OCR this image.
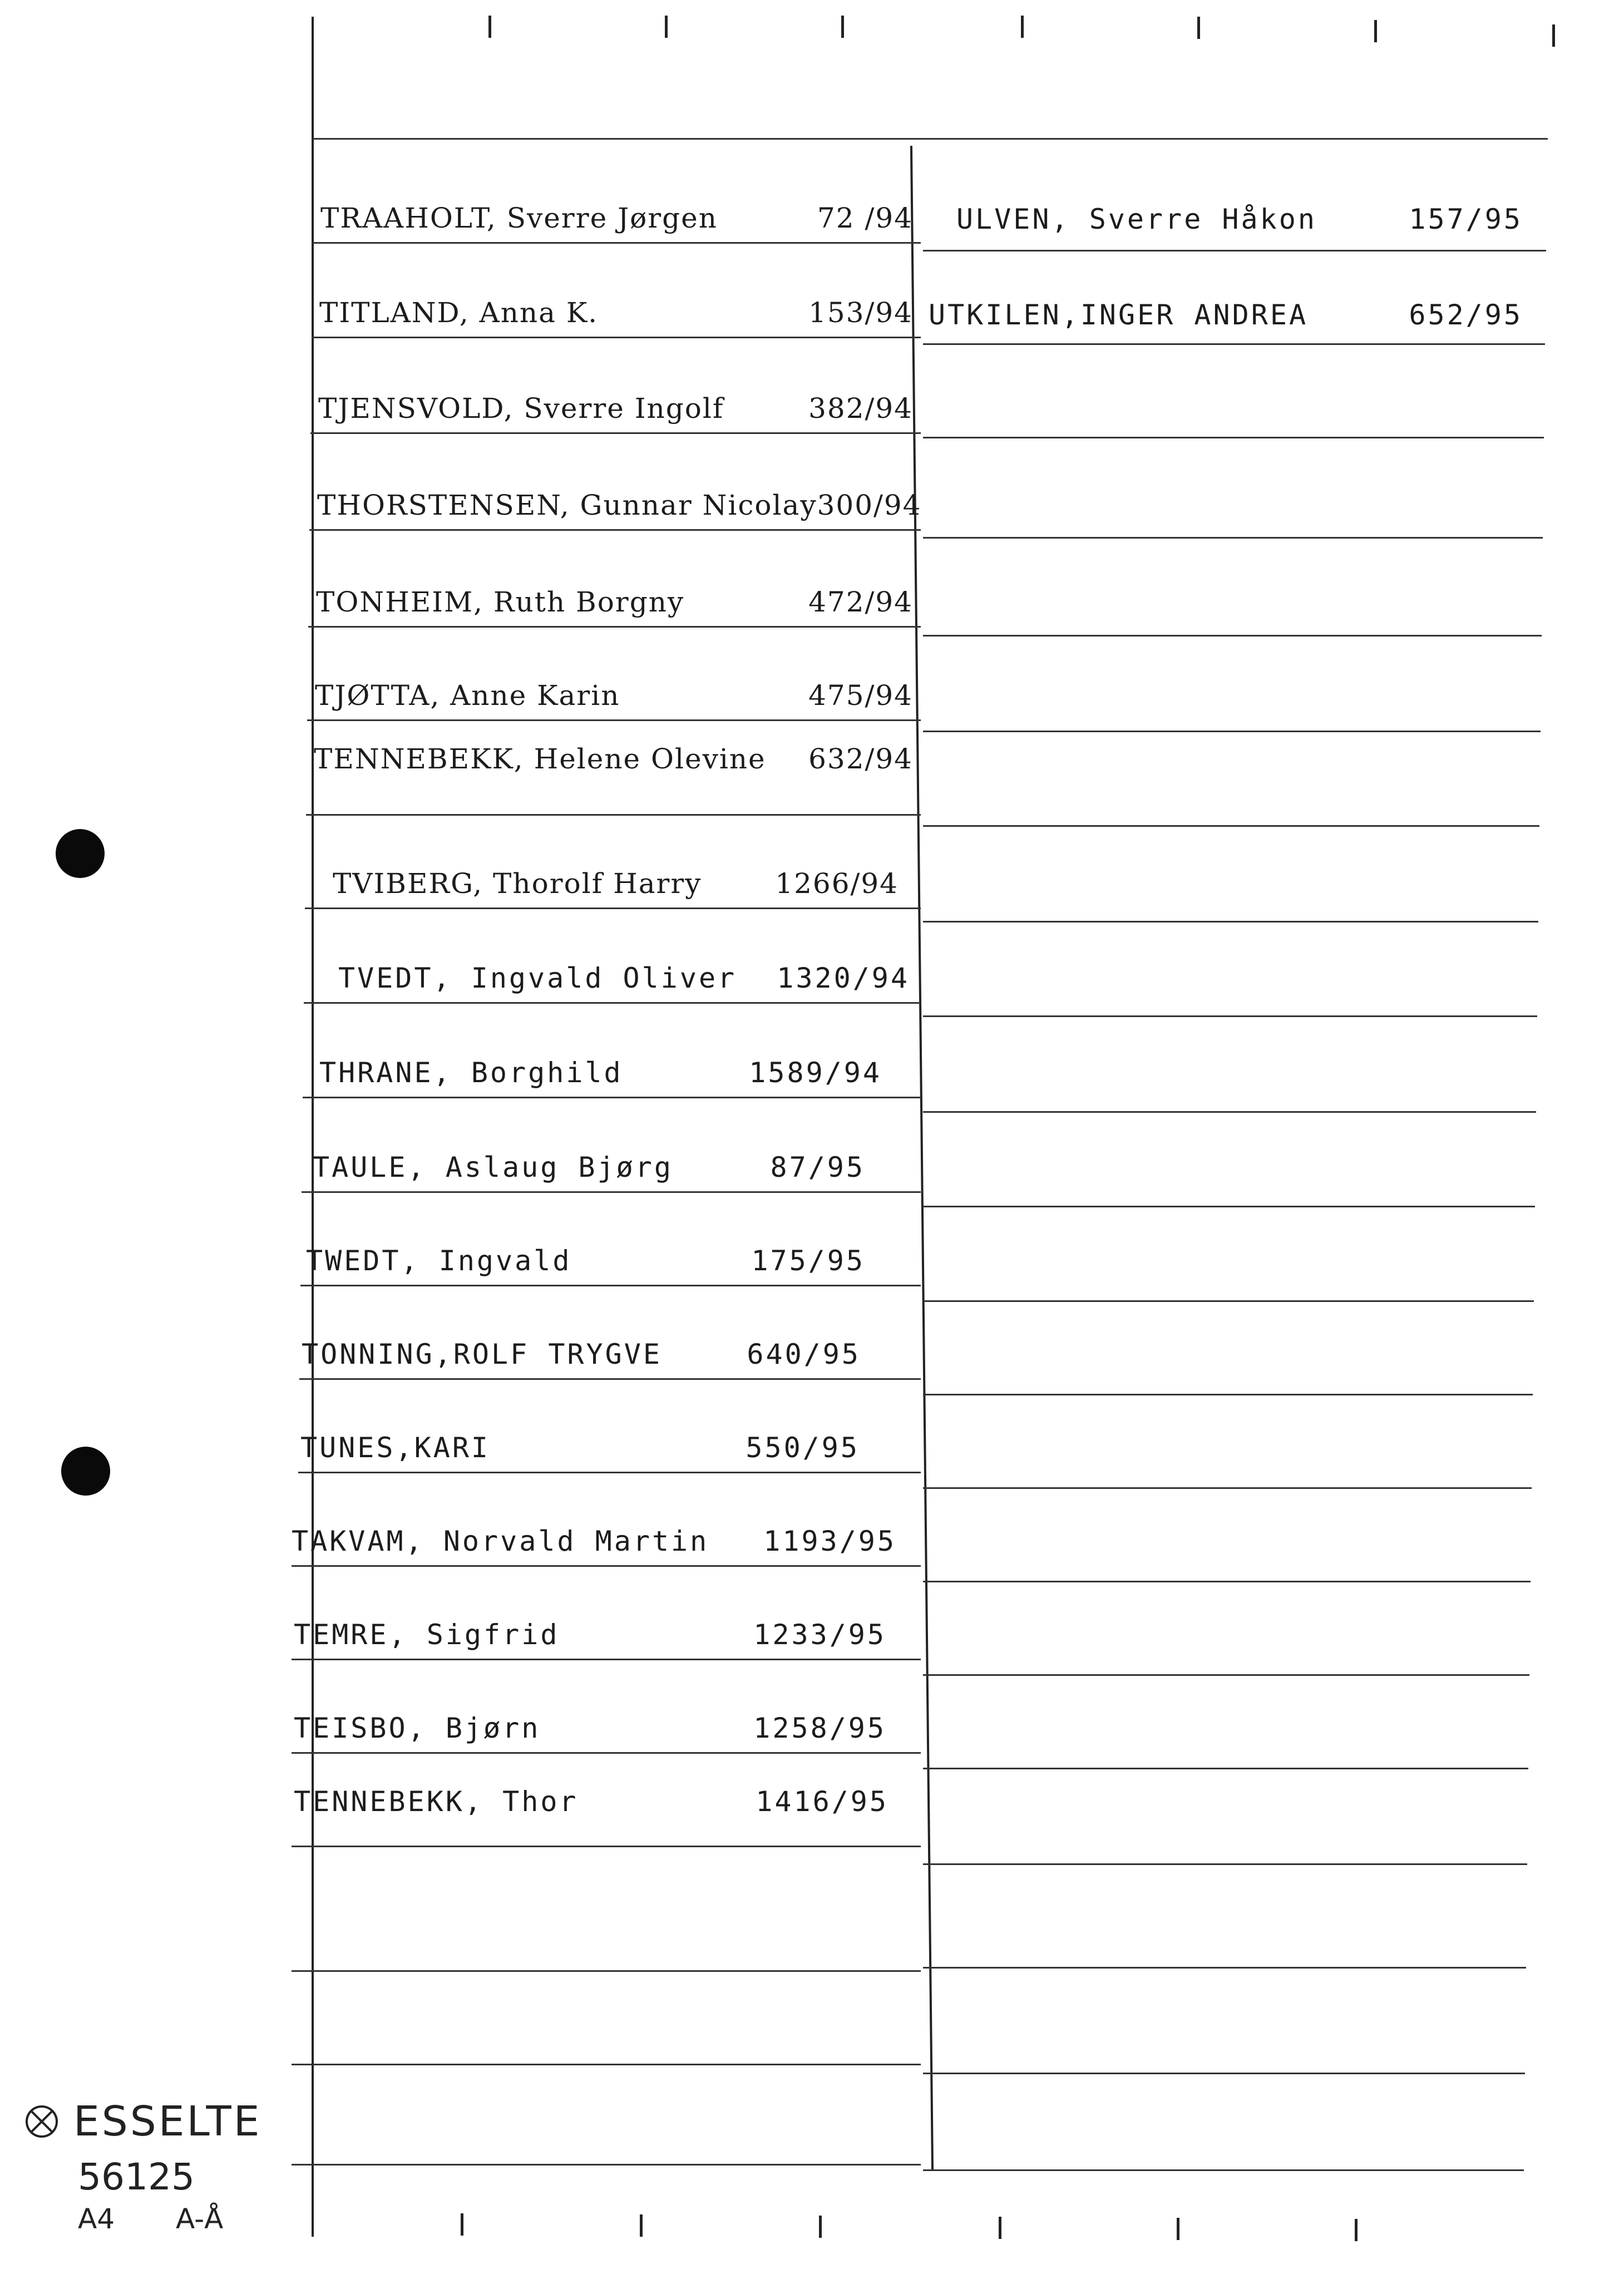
TRAAHOLT, Sverre Jørgen	72 /94
TITLAND, Anna K.	153/94
TJENSVOLD, Sverre Ingolf	382/94
THORSTENSEN, Gunnar Nicolay 300/94
TONHEIM, Ruth Borgny	472/94
TJØTTA, Anne Karin	475/94
TENNEBEKK, Helene Olevine 632/94
TVIBERG, Thorolf Harry	1266/94
TVEDT, Ingvald Oliver 1320/94
THRANE, Borghild	1589/94
TAULE, Aslaug Bjørg	87/95
TWEDT, Ingvald	175/95
TONNING,ROLF TRYGVE	640/95
TUNES,KARI	550/95
TAKVAM, Norvald Martin 1193/95
TEMRE, Sigfrid	1233/95
TEISBO, Bjørn	1258/95
TENNEBEKK, Thor	1416/95
ULVEN, Sverre Håkon	157/95
UTKILEN,INGER ANDREA	652/95
ESSELTE
56125
A4 A-Å
